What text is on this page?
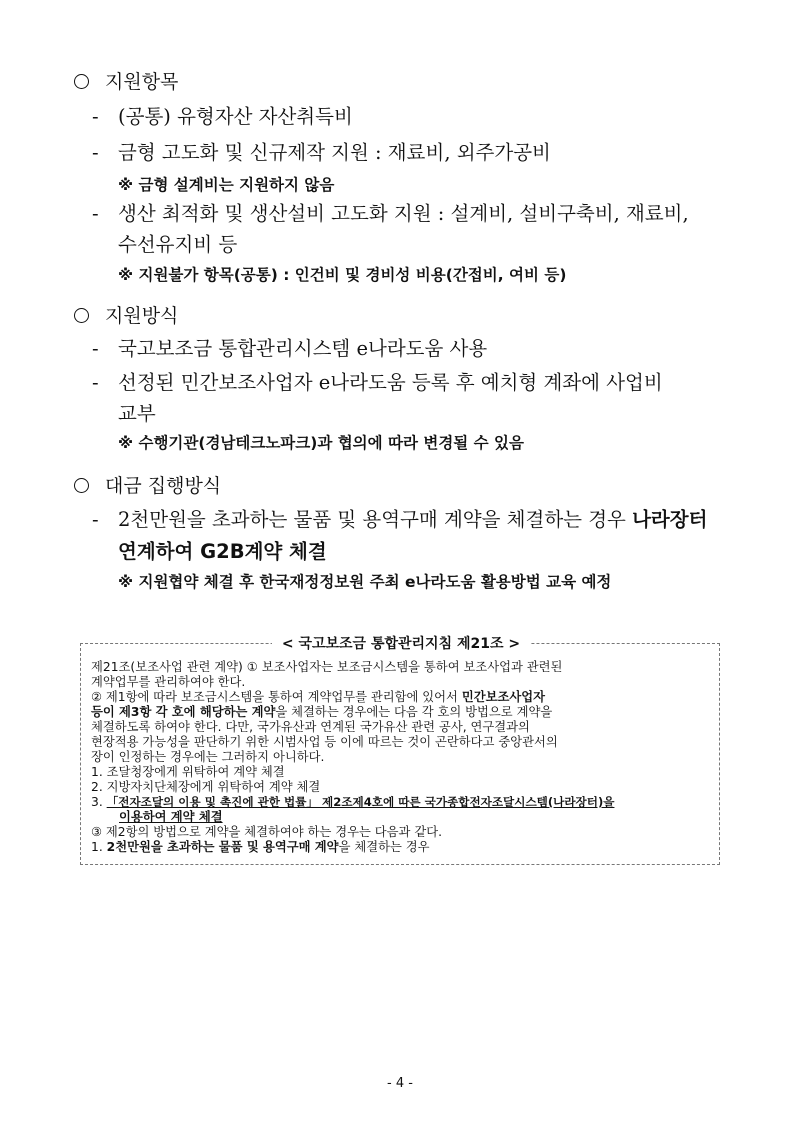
지원항목
- (공통) 유형자산 자산취득비
- 금형 고도화 및 신규제작 지원 : 재료비, 외주가공비
※ 금형 설계비는 지원하지 않음
- 생산 최적화 및 생산설비 고도화 지원 : 설계비, 설비구축비, 재료비,
수선유지비 등
※ 지원불가 항목(공통) : 인건비 및 경비성 비용(간접비, 여비 등)
지원방식
- 국고보조금 통합관리시스템 e나라도움 사용
- 선정된 민간보조사업자 e나라도움 등록 후 예치형 계좌에 사업비
교부
※ 수행기관(경남테크노파크)과 협의에 따라 변경될 수 있음
대금 집행방식
- 2천만원을 초과하는 물품 및 용역구매 계약을 체결하는 경우 나라장터
연계하여 G2B계약 체결
※ 지원협약 체결 후 한국재정정보원 주최 e나라도움 활용방법 교육 예정
< 국고보조금 통합관리지침 제21조 >
제21조(보조사업 관련 계약) ① 보조사업자는 보조금시스템을 통하여 보조사업과 관련된
계약업무를 관리하여야 한다.
② 제1항에 따라 보조금시스템을 통하여 계약업무를 관리함에 있어서 민간보조사업자
등이 제3항 각 호에 해당하는 계약을 체결하는 경우에는 다음 각 호의 방법으로 계약을
체결하도록 하여야 한다. 다만, 국가유산과 연계된 국가유산 관련 공사, 연구결과의
현장적용 가능성을 판단하기 위한 시범사업 등 이에 따르는 것이 곤란하다고 중앙관서의
장이 인정하는 경우에는 그러하지 아니하다.
1. 조달청장에게 위탁하여 계약 체결
2. 지방자치단체장에게 위탁하여 계약 체결
3. 「전자조달의 이용 및 촉진에 관한 법률」 제2조제4호에 따른 국가종합전자조달시스템(나라장터)을
이용하여 계약 체결
③ 제2항의 방법으로 계약을 체결하여야 하는 경우는 다음과 같다.
1. 2천만원을 초과하는 물품 및 용역구매 계약을 체결하는 경우
- 4 -
